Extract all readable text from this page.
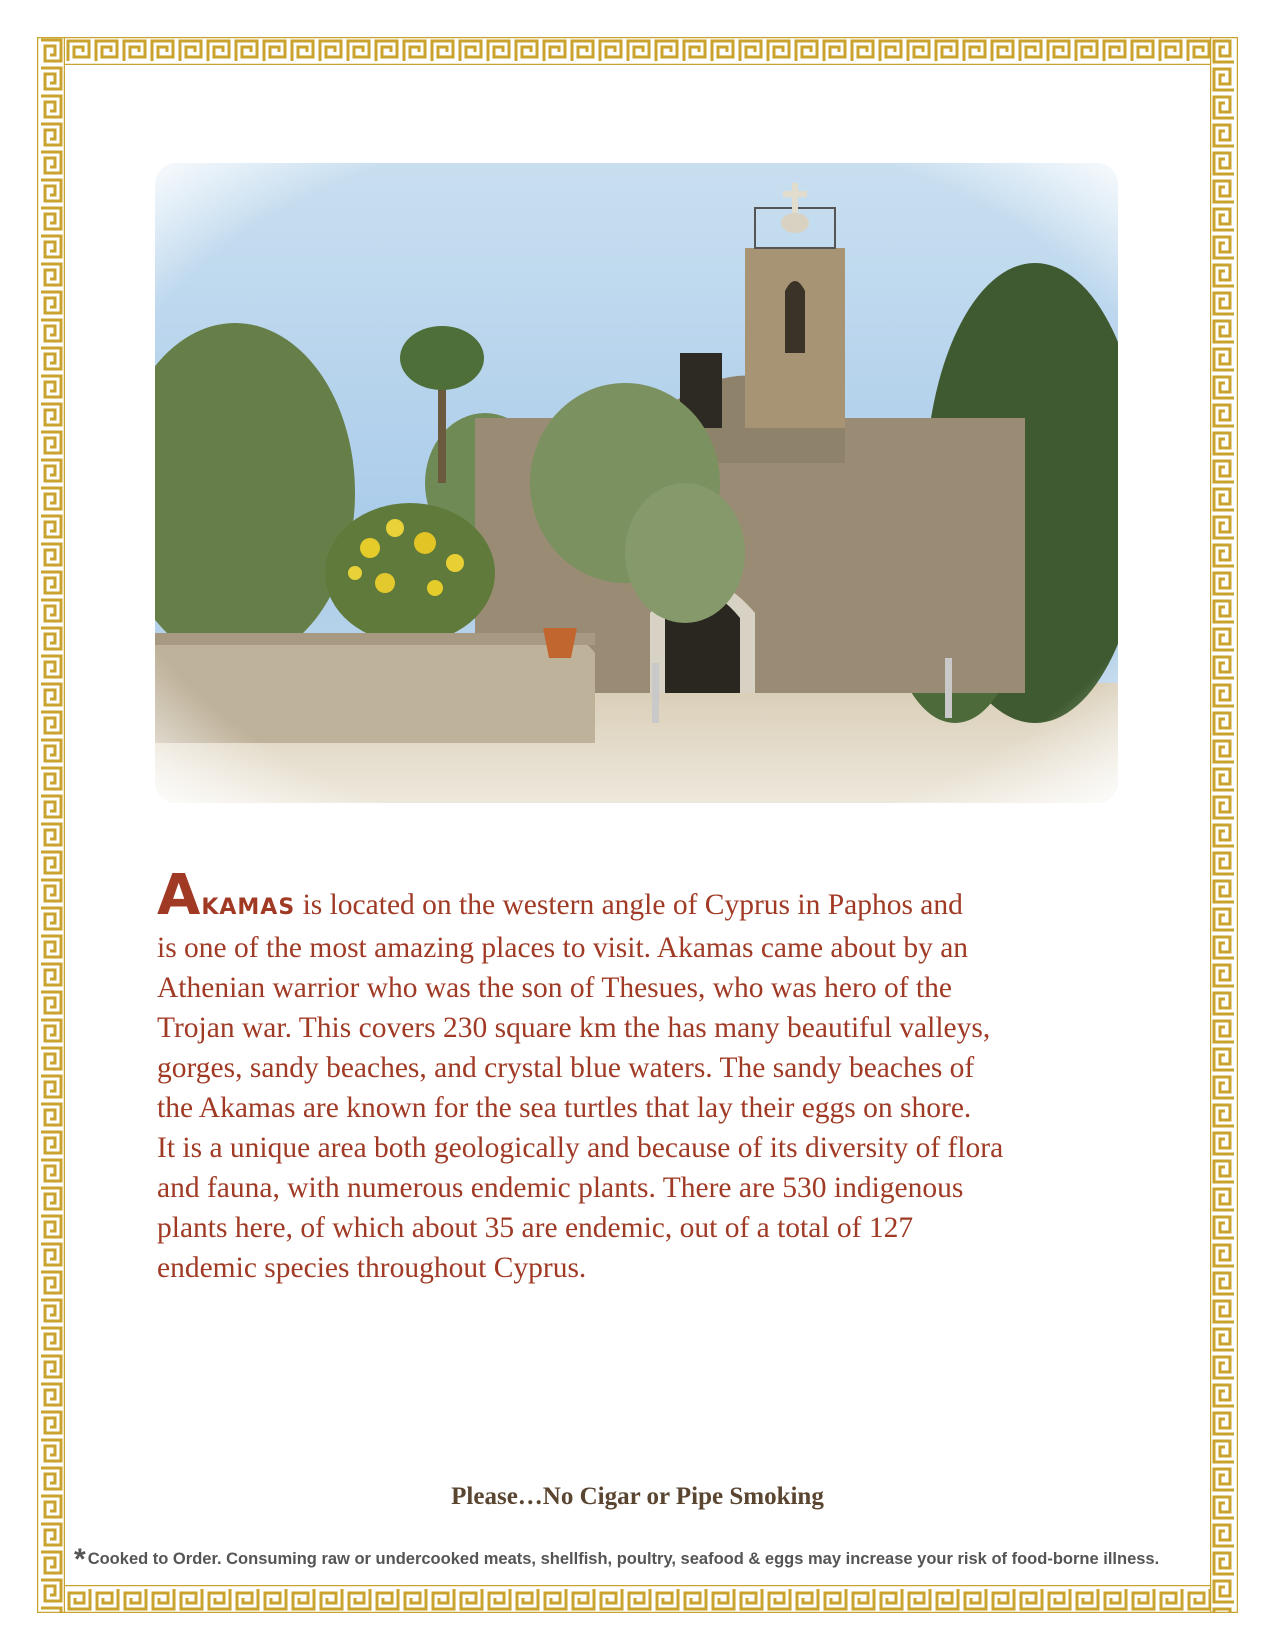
AKAMAS is located on the western angle of Cyprus in Paphos and
is one of the most amazing places to visit. Akamas came about by an
Athenian warrior who was the son of Thesues, who was hero of the
Trojan war. This covers 230 square km the has many beautiful valleys,
gorges, sandy beaches, and crystal blue waters. The sandy beaches of
the Akamas are known for the sea turtles that lay their eggs on shore.
It is a unique area both geologically and because of its diversity of flora
and fauna, with numerous endemic plants. There are 530 indigenous
plants here, of which about 35 are endemic, out of a total of 127
endemic species throughout Cyprus.

Please…No Cigar or Pipe Smoking
* Cooked to Order. Consuming raw or undercooked meats, shellfish, poultry, seafood & eggs may increase your risk of food-borne illness.
